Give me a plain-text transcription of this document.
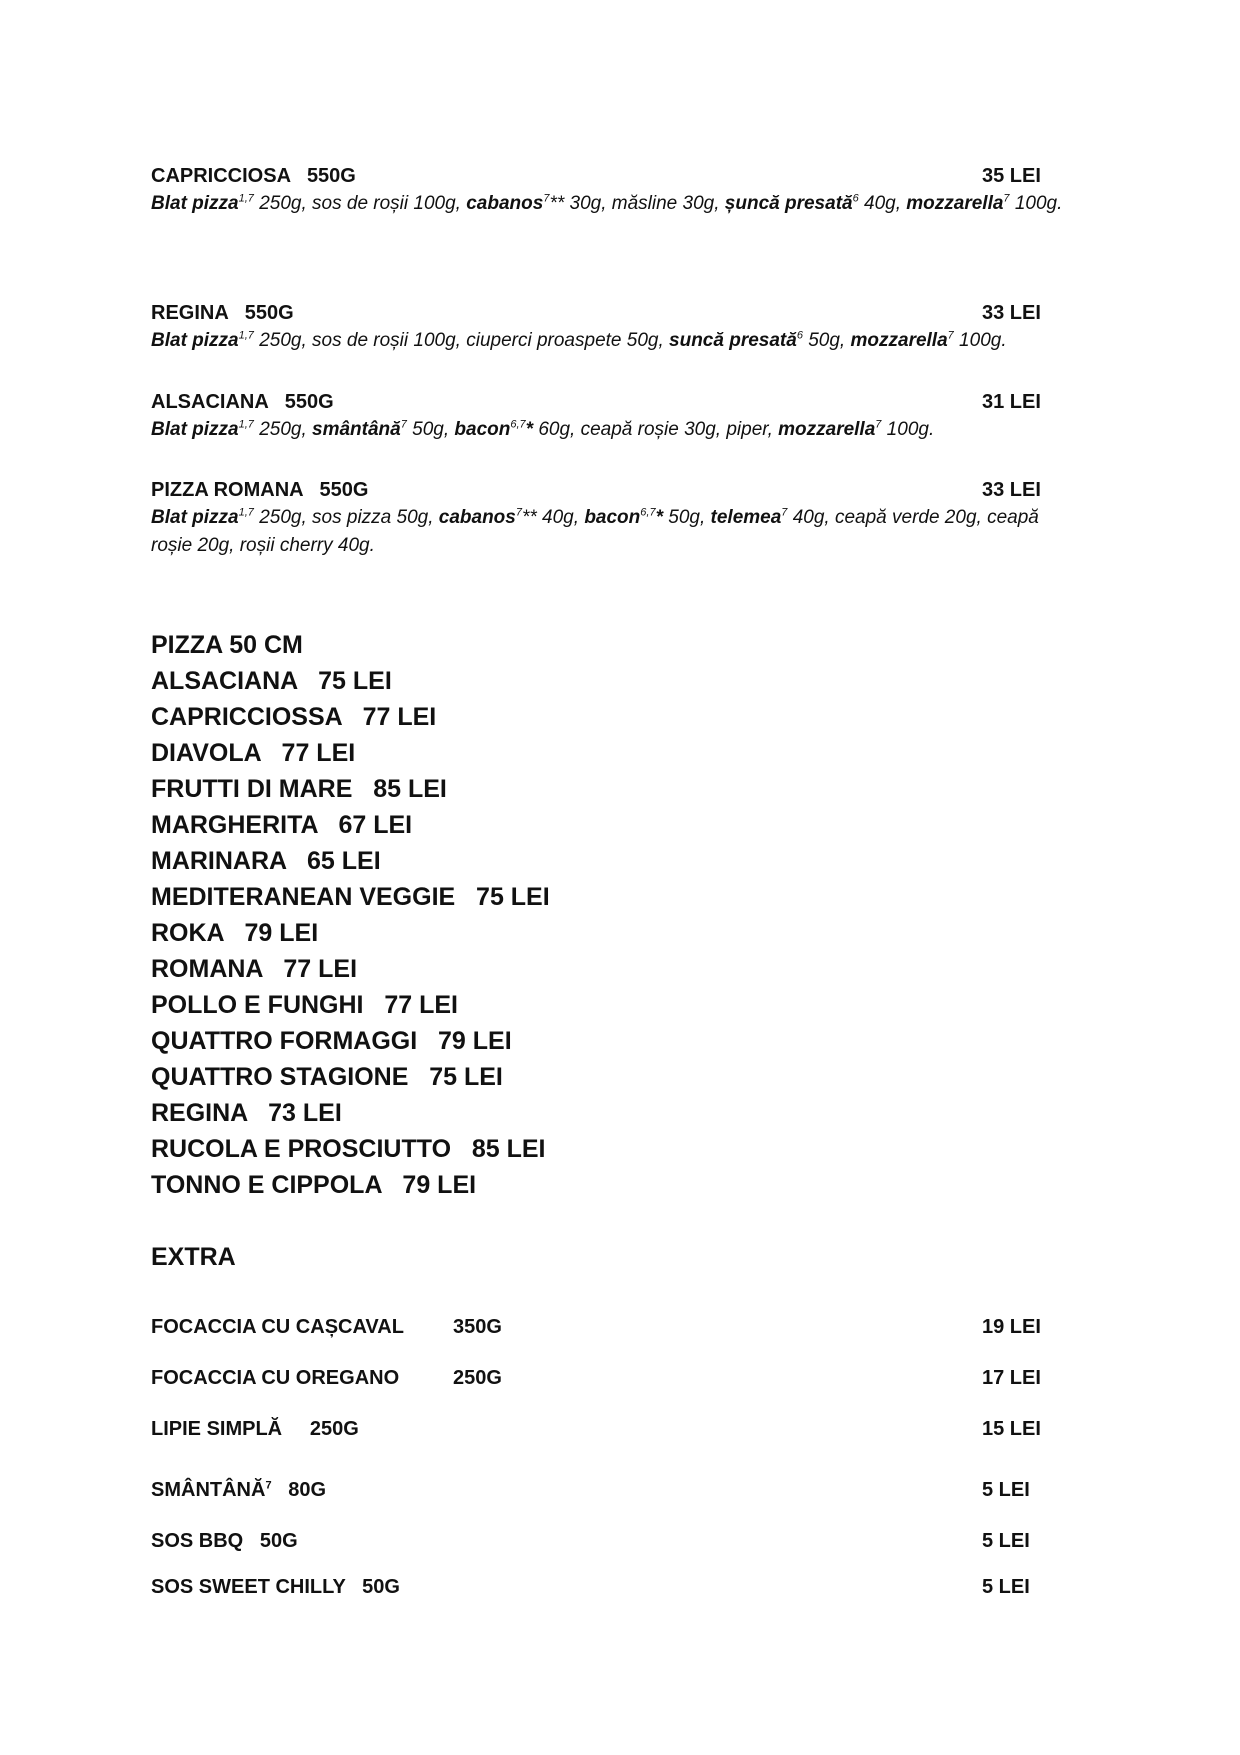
CAPRICCIOSA   550G	35 LEI
Blat pizza$^{1,7}$ 250g, sos de roșii 100g, cabanos$^7$** 30g, măsline 30g, șuncă presată$^6$ 40g, mozzarella$^7$ 100g.
REGINA   550G	33 LEI
Blat pizza$^{1,7}$ 250g, sos de roșii 100g, ciuperci proaspete 50g, suncă presată$^6$ 50g, mozzarella$^7$ 100g.
ALSACIANA   550G	31 LEI
Blat pizza$^{1,7}$ 250g, smântână$^7$ 50g, bacon$^{6,7}$* 60g, ceapă roșie 30g, piper, mozzarella$^7$ 100g.
PIZZA ROMANA   550G	33 LEI
Blat pizza$^{1,7}$ 250g, sos pizza 50g, cabanos$^7$** 40g, bacon$^{6,7}$* 50g, telemea$^7$ 40g, ceapă verde 20g, ceapă roșie 20g, roșii cherry 40g.
PIZZA 50 CM
ALSACIANA   75 LEI
CAPRICCIOSSA   77 LEI
DIAVOLA   77 LEI
FRUTTI DI MARE   85 LEI
MARGHERITA   67 LEI
MARINARA   65 LEI
MEDITERANEAN VEGGIE   75 LEI
ROKA   79 LEI
ROMANA   77 LEI
POLLO E FUNGHI   77 LEI
QUATTRO FORMAGGI   79 LEI
QUATTRO STAGIONE   75 LEI
REGINA   73 LEI
RUCOLA E PROSCIUTTO   85 LEI
TONNO E CIPPOLA   79 LEI
EXTRA
FOCACCIA CU CAȘCAVAL 350G	19 LEI
FOCACCIA CU OREGANO	250G	17 LEI
LIPIE SIMPLĂ     250G	15 LEI
SMÂNTÂNĂ$^7$   80G	5 LEI
SOS BBQ   50G	5 LEI
SOS SWEET CHILLY   50G	5 LEI
